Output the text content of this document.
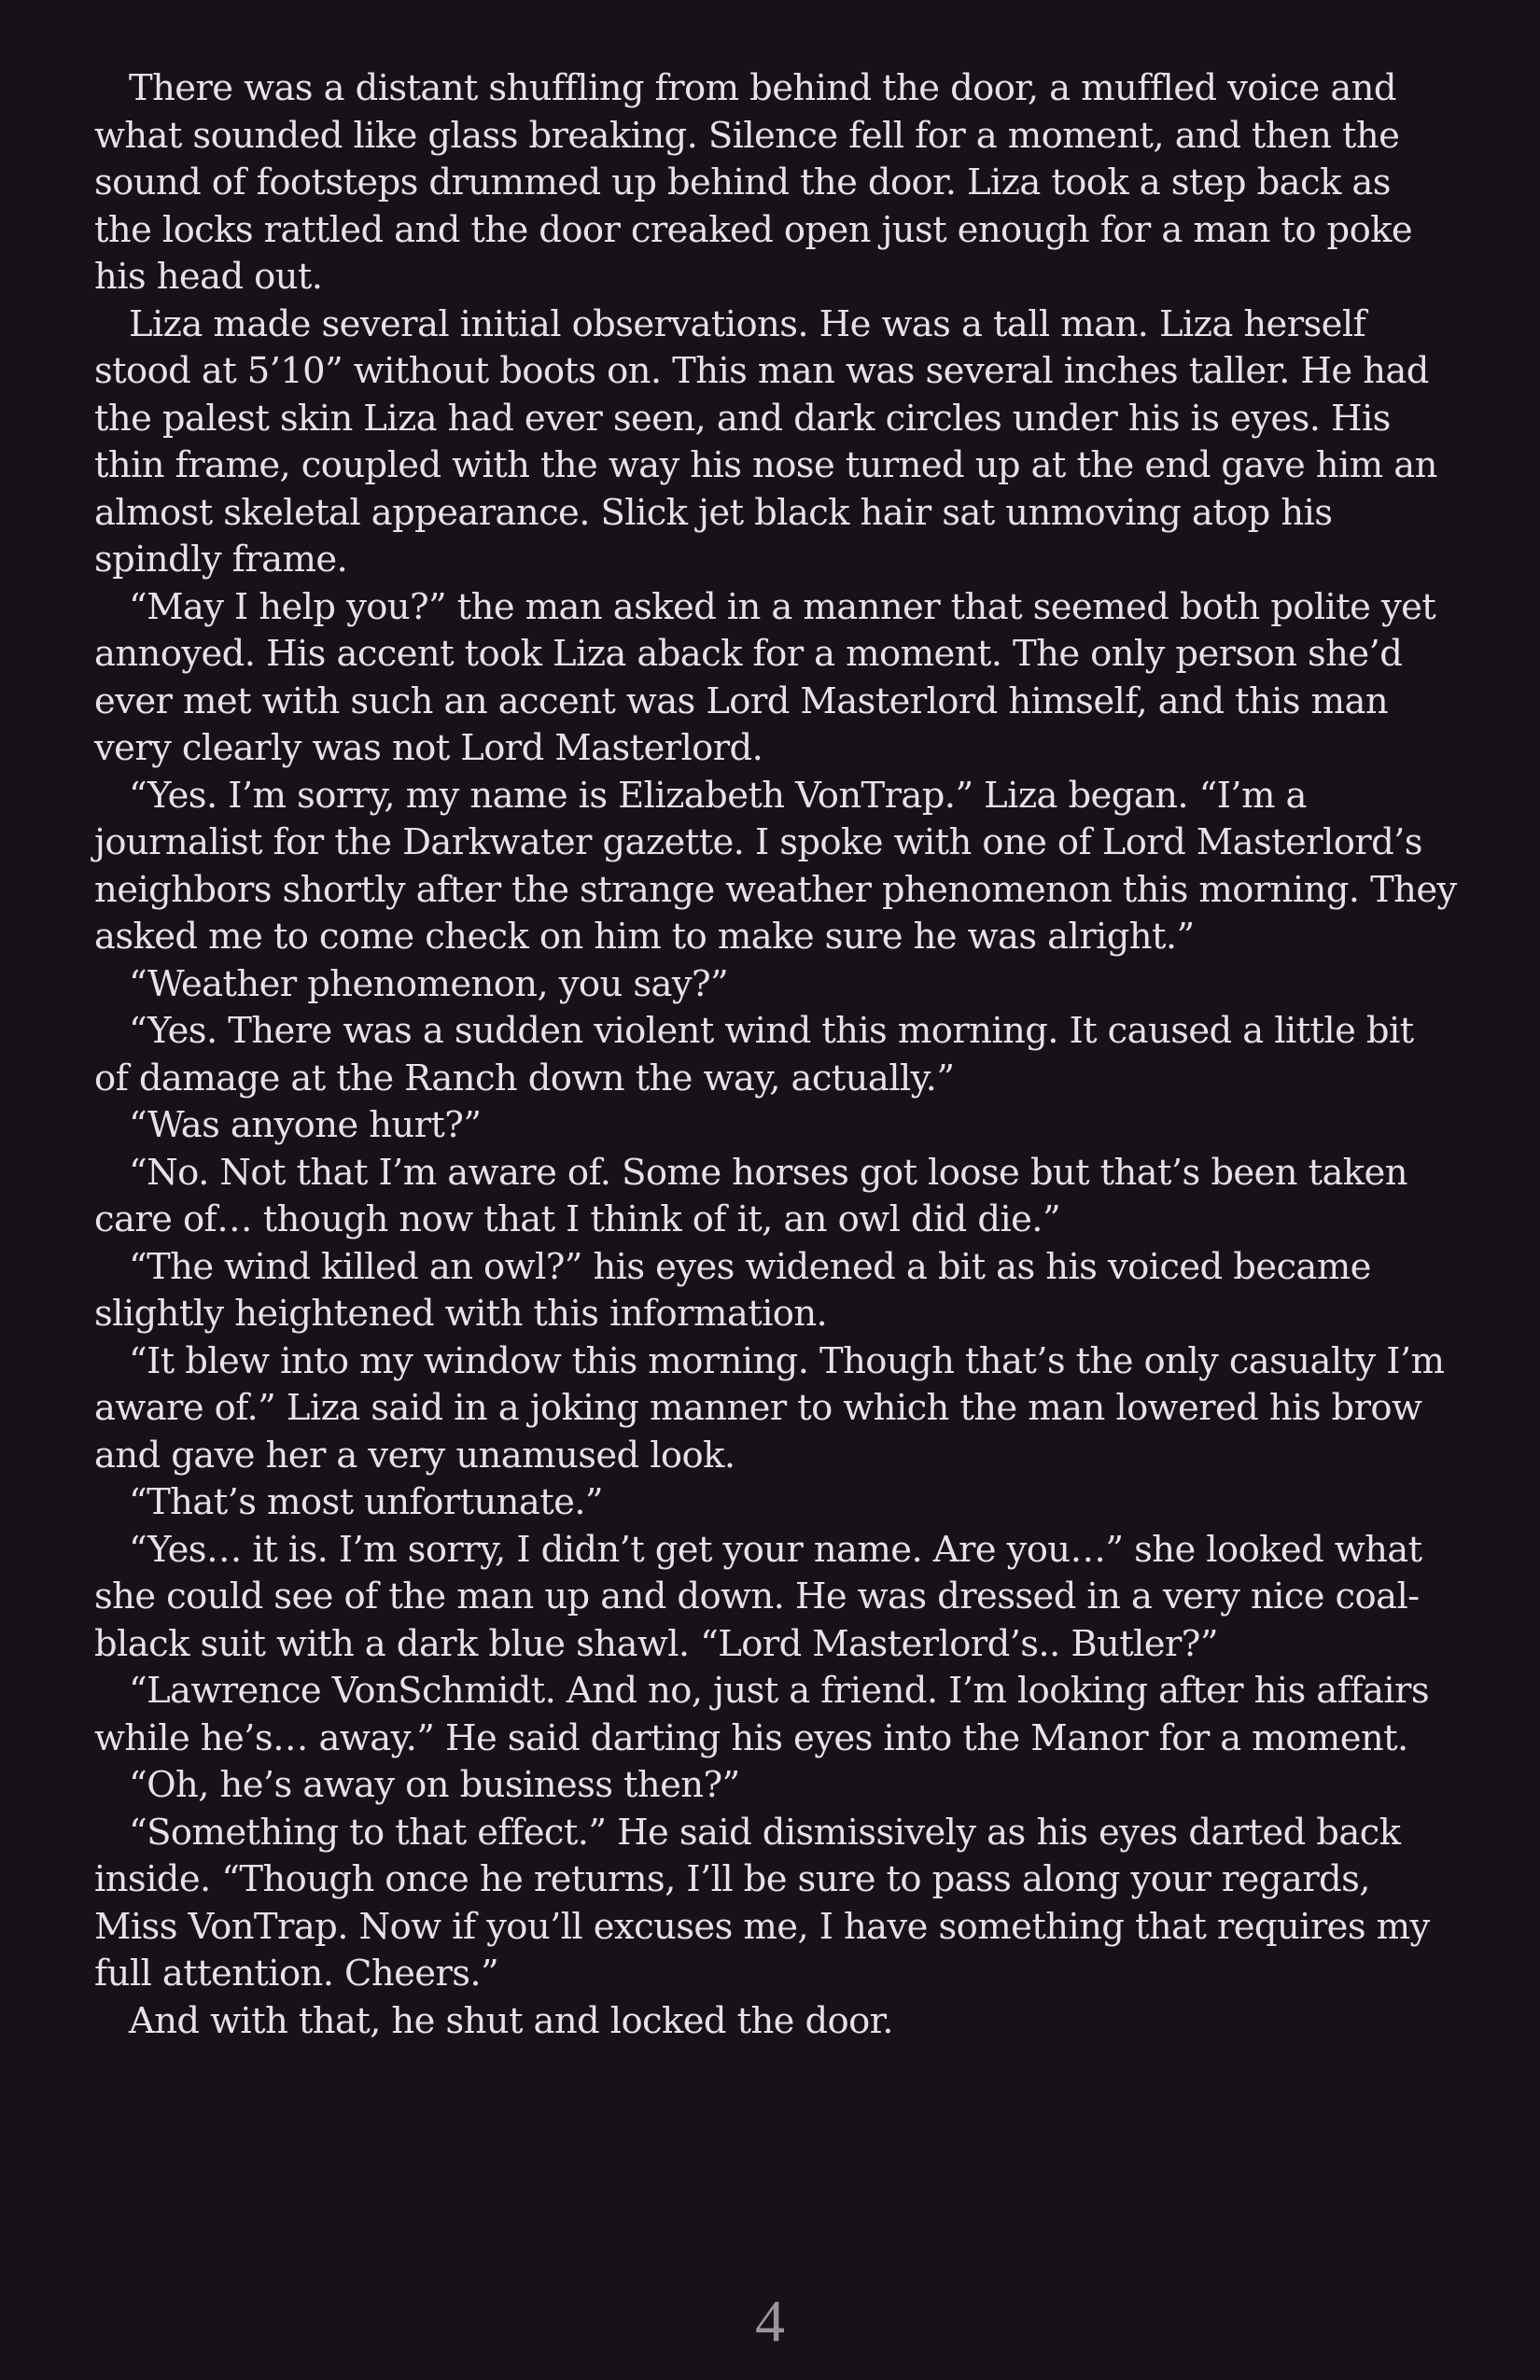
There was a distant shuffling from behind the door, a muffled voice and what sounded like glass breaking. Silence fell for a moment, and then the sound of footsteps drummed up behind the door. Liza took a step back as the locks rattled and the door creaked open just enough for a man to poke his head out.

Liza made several initial observations. He was a tall man. Liza herself stood at 5’10” without boots on. This man was several inches taller. He had the palest skin Liza had ever seen, and dark circles under his is eyes. His thin frame, coupled with the way his nose turned up at the end gave him an almost skeletal appearance. Slick jet black hair sat unmoving atop his spindly frame.

“May I help you?” the man asked in a manner that seemed both polite yet annoyed. His accent took Liza aback for a moment. The only person she’d ever met with such an accent was Lord Masterlord himself, and this man very clearly was not Lord Masterlord.

“Yes. I’m sorry, my name is Elizabeth VonTrap.” Liza began. “I’m a journalist for the Darkwater gazette. I spoke with one of Lord Masterlord’s neighbors shortly after the strange weather phenomenon this morning. They asked me to come check on him to make sure he was alright.”

“Weather phenomenon, you say?”

“Yes. There was a sudden violent wind this morning. It caused a little bit of damage at the Ranch down the way, actually.”

“Was anyone hurt?”

“No. Not that I’m aware of. Some horses got loose but that’s been taken care of… though now that I think of it, an owl did die.”

“The wind killed an owl?” his eyes widened a bit as his voiced became slightly heightened with this information.

“It blew into my window this morning. Though that’s the only casualty I’m aware of.” Liza said in a joking manner to which the man lowered his brow and gave her a very unamused look.

“That’s most unfortunate.”

“Yes… it is. I’m sorry, I didn’t get your name. Are you…” she looked what she could see of the man up and down. He was dressed in a very nice coal-black suit with a dark blue shawl. “Lord Masterlord’s.. Butler?”

“Lawrence VonSchmidt. And no, just a friend. I’m looking after his affairs while he’s… away.” He said darting his eyes into the Manor for a moment.

“Oh, he’s away on business then?”

“Something to that effect.” He said dismissively as his eyes darted back inside. “Though once he returns, I’ll be sure to pass along your regards, Miss VonTrap. Now if you’ll excuses me, I have something that requires my full attention. Cheers.”

And with that, he shut and locked the door.

4
